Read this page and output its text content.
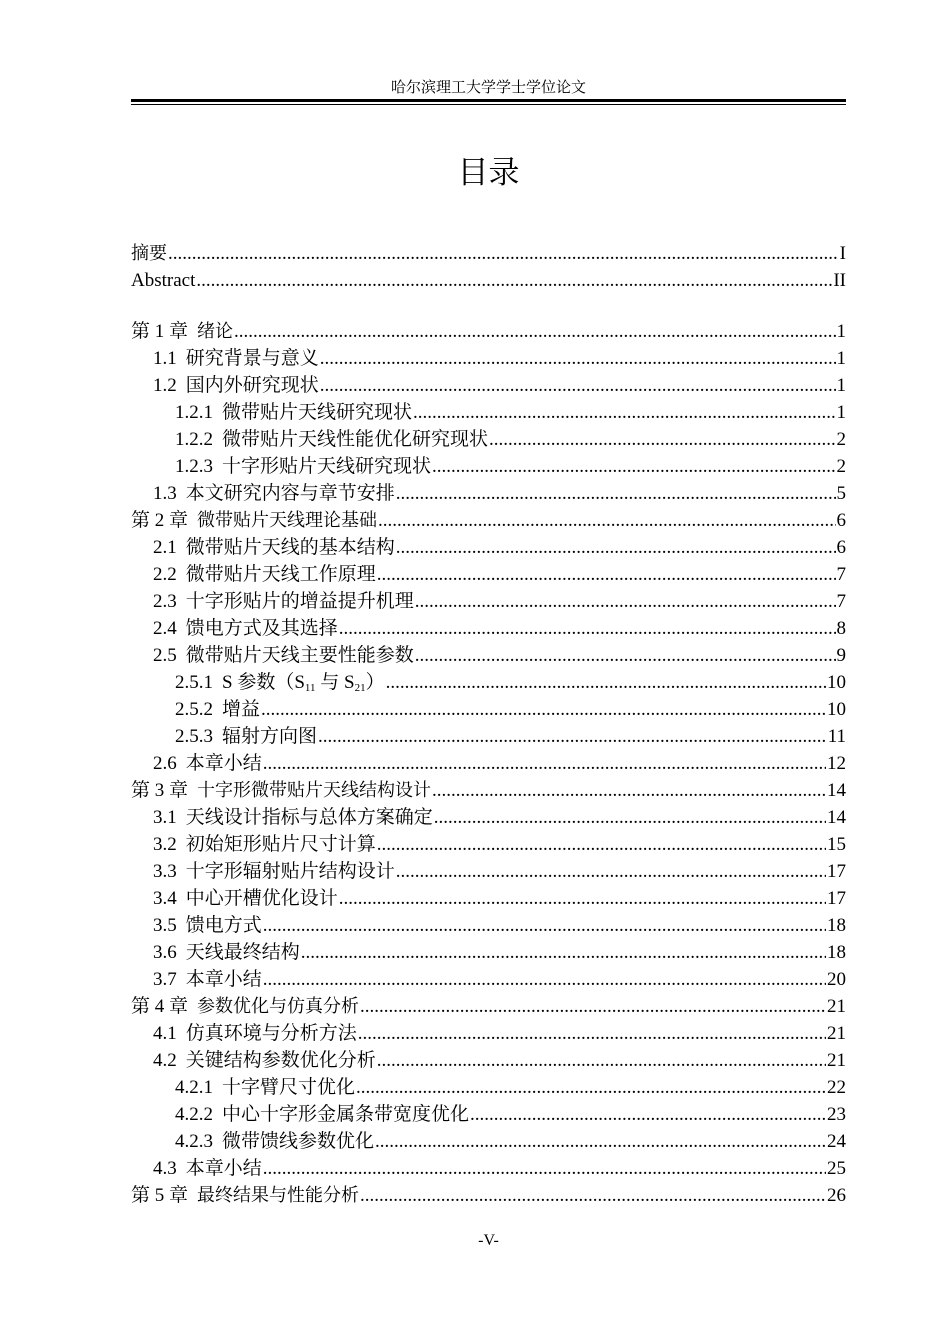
哈尔滨理工大学学士学位论文
目录
摘要 .....	I
Abstract .....	II
第 1 章 绪论 .....	1
1.1 研究背景与意义 .....	1
1.2 国内外研究现状 .....	1
1.2.1 微带贴片天线研究现状 .....	1
1.2.2 微带贴片天线性能优化研究现状 .....	2
1.2.3 十字形贴片天线研究现状 .....	2
1.3 本文研究内容与章节安排 .....	5
第 2 章 微带贴片天线理论基础 .....	6
2.1 微带贴片天线的基本结构 .....	6
2.2 微带贴片天线工作原理 .....	7
2.3 十字形贴片的增益提升机理 .....	7
2.4 馈电方式及其选择 .....	8
2.5 微带贴片天线主要性能参数 .....	9
2.5.1 S 参数（$S_{11}$ 与 $S_{21}$） .....	10
2.5.2 增益 .....	10
2.5.3 辐射方向图 .....	11
2.6 本章小结 .....	12
第 3 章 十字形微带贴片天线结构设计 .....	14
3.1 天线设计指标与总体方案确定 .....	14
3.2 初始矩形贴片尺寸计算 .....	15
3.3 十字形辐射贴片结构设计 .....	17
3.4 中心开槽优化设计 .....	17
3.5 馈电方式 .....	18
3.6 天线最终结构 .....	18
3.7 本章小结 .....	20
第 4 章 参数优化与仿真分析 .....	21
4.1 仿真环境与分析方法 .....	21
4.2 关键结构参数优化分析 .....	21
4.2.1 十字臂尺寸优化 .....	22
4.2.2 中心十字形金属条带宽度优化 .....	23
4.2.3 微带馈线参数优化 .....	24
4.3 本章小结 .....	25
第 5 章 最终结果与性能分析 .....	26
-V-
